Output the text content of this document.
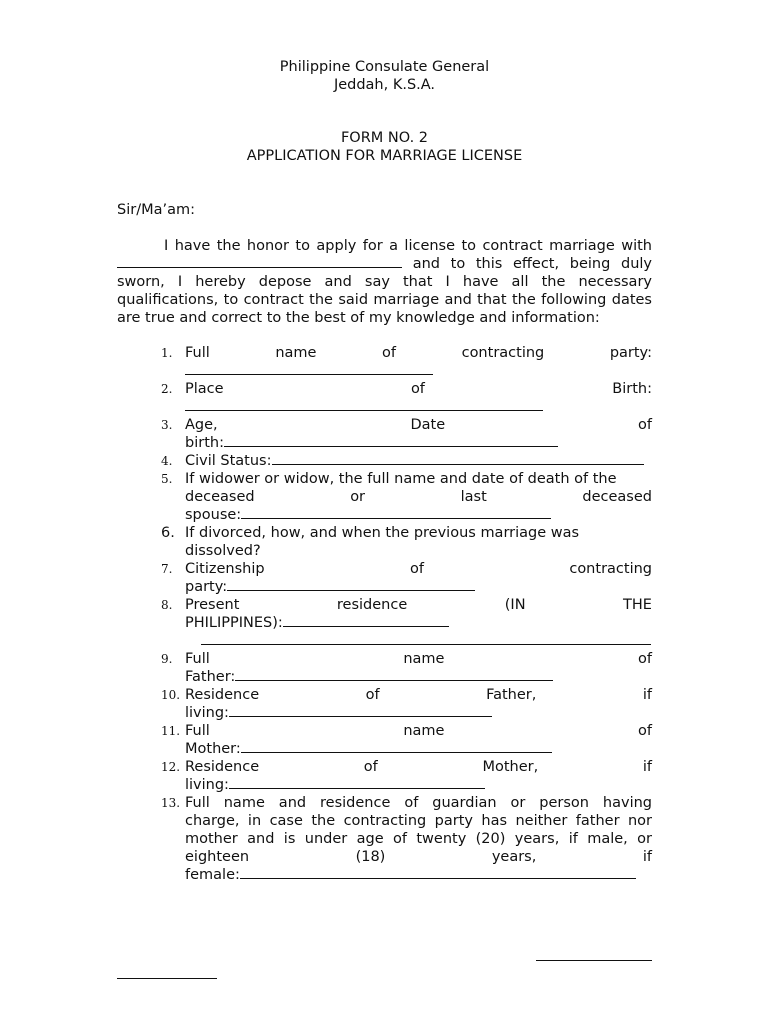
Philippine Consulate General
Jeddah, K.S.A.
FORM NO. 2
APPLICATION FOR MARRIAGE LICENSE
Sir/Ma’am:
I have the honor to apply for a license to contract marriage with  and to this effect, being duly sworn, I hereby depose and say that I have all the necessary qualifications, to contract the said marriage and that the following dates are true and correct to the best of my knowledge and information:
1. Full	name	of	contracting	party:
2. Place	of	Birth:
3. Age,	Date	of
birth:
4. Civil Status:
5. If widower or widow, the full name and date of death of the
deceased	or	last	deceased
spouse:
6. If divorced, how, and when the previous marriage was
dissolved?
7. Citizenship	of	contracting
party:
8. Present	residence	(IN	THE
PHILIPPINES):
9. Full	name	of
Father:
10. Residence	of	Father,	if
living:
11. Full	name	of
Mother:
12. Residence	of	Mother,	if
living:
13. Full name and residence of guardian or person having
charge, in case the contracting party has neither father nor
mother and is under age of twenty (20) years, if male, or
eighteen	(18)	years,	if
female:
